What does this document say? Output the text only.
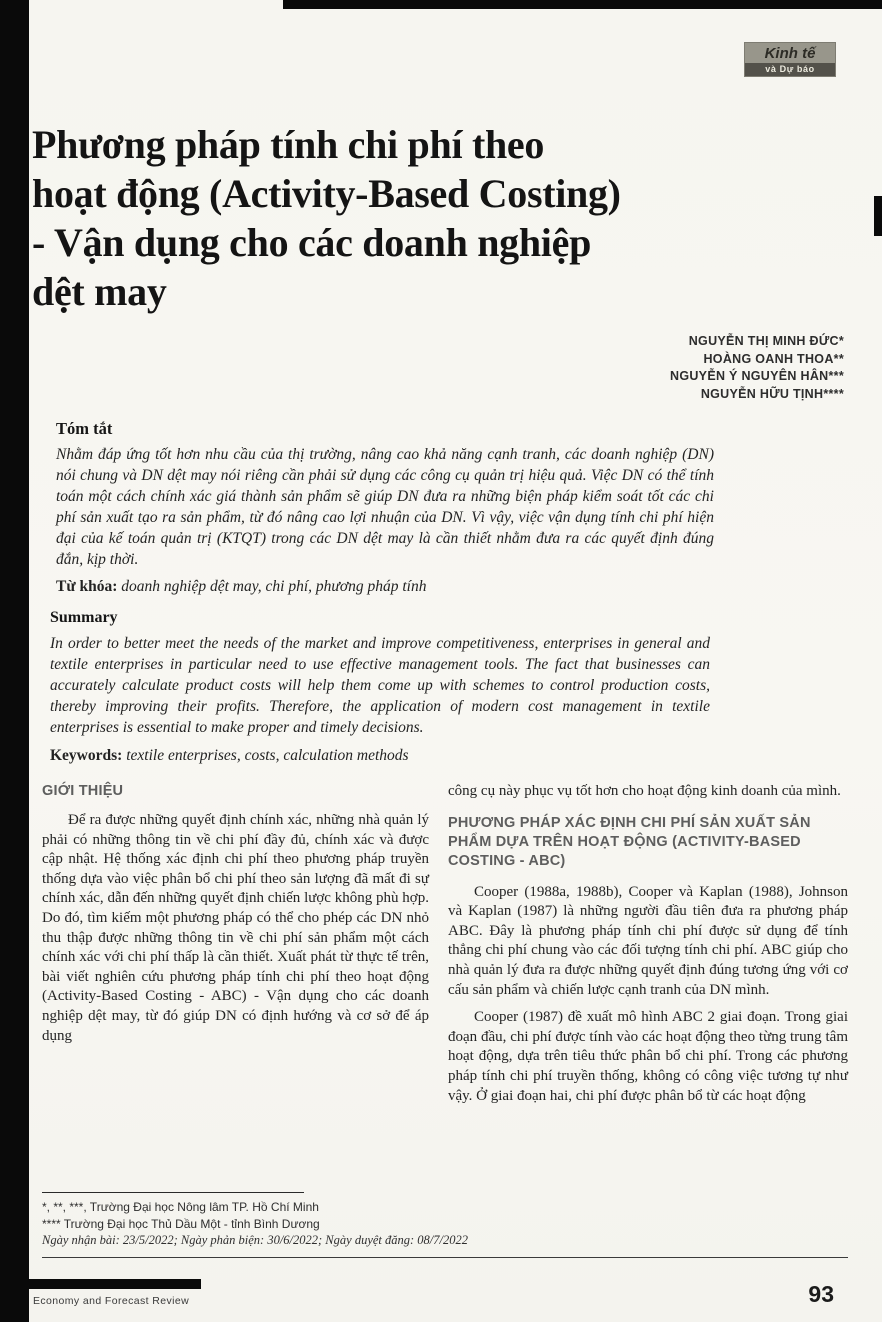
Kinh tế
và Dự báo
Phương pháp tính chi phí theo
hoạt động (Activity-Based Costing)
- Vận dụng cho các doanh nghiệp
dệt may
NGUYỄN THỊ MINH ĐỨC*
HOÀNG OANH THOA**
NGUYỄN Ý NGUYÊN HÂN***
NGUYỄN HỮU TỊNH****
Tóm tắt

Nhằm đáp ứng tốt hơn nhu cầu của thị trường, nâng cao khả năng cạnh tranh, các doanh nghiệp (DN) nói chung và DN dệt may nói riêng cần phải sử dụng các công cụ quản trị hiệu quả. Việc DN có thể tính toán một cách chính xác giá thành sản phẩm sẽ giúp DN đưa ra những biện pháp kiểm soát tốt các chi phí sản xuất tạo ra sản phẩm, từ đó nâng cao lợi nhuận của DN. Vì vậy, việc vận dụng tính chi phí hiện đại của kế toán quản trị (KTQT) trong các DN dệt may là cần thiết nhằm đưa ra các quyết định đúng đắn, kịp thời.

Từ khóa: doanh nghiệp dệt may, chi phí, phương pháp tính

Summary

In order to better meet the needs of the market and improve competitiveness, enterprises in general and textile enterprises in particular need to use effective management tools. The fact that businesses can accurately calculate product costs will help them come up with schemes to control production costs, thereby improving their profits. Therefore, the application of modern cost management in textile enterprises is essential to make proper and timely decisions.

Keywords: textile enterprises, costs, calculation methods

GIỚI THIỆU

Để ra được những quyết định chính xác, những nhà quản lý phải có những thông tin về chi phí đầy đủ, chính xác và được cập nhật. Hệ thống xác định chi phí theo phương pháp truyền thống dựa vào việc phân bổ chi phí theo sản lượng đã mất đi sự chính xác, dẫn đến những quyết định chiến lược không phù hợp. Do đó, tìm kiếm một phương pháp có thể cho phép các DN nhỏ thu thập được những thông tin về chi phí sản phẩm một cách chính xác với chi phí thấp là cần thiết. Xuất phát từ thực tế trên, bài viết nghiên cứu phương pháp tính chi phí theo hoạt động (Activity-Based Costing - ABC) - Vận dụng cho các doanh nghiệp dệt may, từ đó giúp DN có định hướng và cơ sở để áp dụng

công cụ này phục vụ tốt hơn cho hoạt động kinh doanh của mình.

PHƯƠNG PHÁP XÁC ĐỊNH CHI PHÍ SẢN XUẤT SẢN PHẨM DỰA TRÊN HOẠT ĐỘNG (ACTIVITY-BASED COSTING - ABC)

Cooper (1988a, 1988b), Cooper và Kaplan (1988), Johnson và Kaplan (1987) là những người đầu tiên đưa ra phương pháp ABC. Đây là phương pháp tính chi phí được sử dụng để tính thẳng chi phí chung vào các đối tượng tính chi phí. ABC giúp cho nhà quản lý đưa ra được những quyết định đúng tương ứng với cơ cấu sản phẩm và chiến lược cạnh tranh của DN mình.

Cooper (1987) đề xuất mô hình ABC 2 giai đoạn. Trong giai đoạn đầu, chi phí được tính vào các hoạt động theo từng trung tâm hoạt động, dựa trên tiêu thức phân bổ chi phí. Trong các phương pháp tính chi phí truyền thống, không có công việc tương tự như vậy. Ở giai đoạn hai, chi phí được phân bổ từ các hoạt động

*, **, ***, Trường Đại học Nông lâm TP. Hồ Chí Minh
**** Trường Đại học Thủ Dầu Một - tỉnh Bình Dương
Ngày nhận bài: 23/5/2022; Ngày phản biện: 30/6/2022; Ngày duyệt đăng: 08/7/2022
Economy and Forecast Review	93
